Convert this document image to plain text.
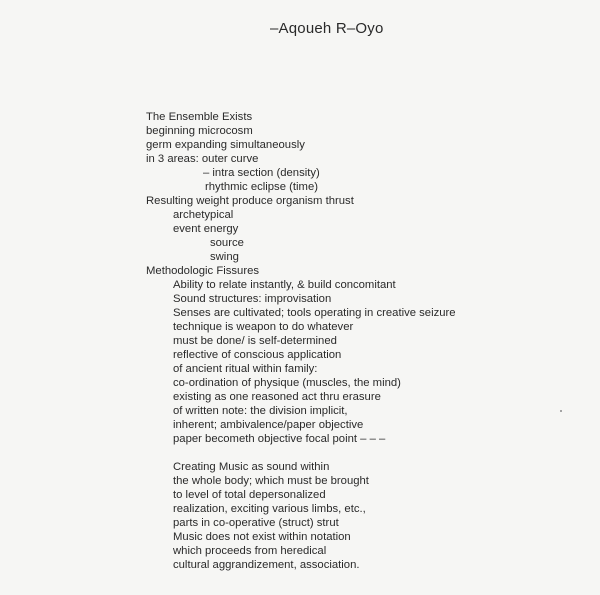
–Aqoueh R–Oyo
The Ensemble Exists
beginning microcosm
germ expanding simultaneously
in 3 areas: outer curve
– intra section (density)
rhythmic eclipse (time)
Resulting weight produce organism thrust
archetypical
event energy
source
swing
Methodologic Fissures
Ability to relate instantly, & build concomitant
Sound structures: improvisation
Senses are cultivated; tools operating in creative seizure
technique is weapon to do whatever
must be done/ is self-determined
reflective of conscious application
of ancient ritual within family:
co-ordination of physique (muscles, the mind)
existing as one reasoned act thru erasure
of written note: the division implicit,
inherent; ambivalence/paper objective
paper becometh objective focal point – – –
Creating Music as sound within
the whole body; which must be brought
to level of total depersonalized
realization, exciting various limbs, etc.,
parts in co-operative (struct) strut
Music does not exist within notation
which proceeds from heredical
cultural aggrandizement, association.
